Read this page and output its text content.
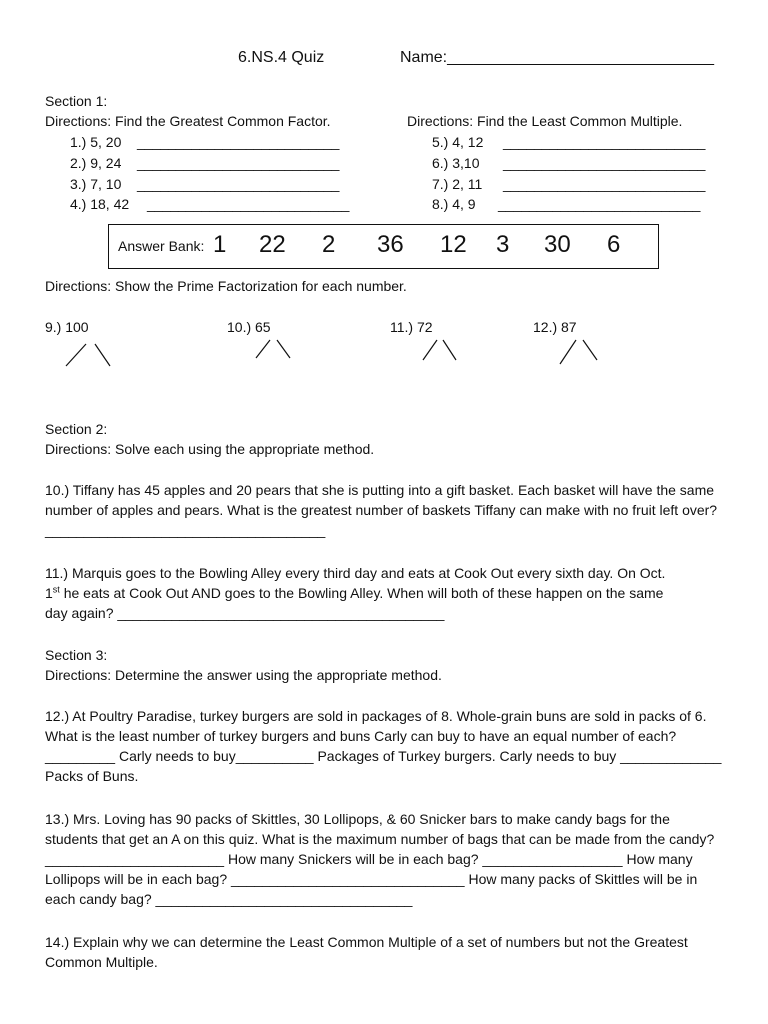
6.NS.4 Quiz	Name:______________________________
Section 1:
Directions: Find the Greatest Common Factor.	Directions: Find the Least Common Multiple.
1.) 5, 20 __________________________
2.) 9, 24 __________________________
3.) 7, 10 __________________________
4.) 18, 42 __________________________
5.) 4, 12 __________________________
6.) 3,10 __________________________
7.) 2, 11 __________________________
8.) 4, 9 __________________________
Answer Bank: 1 22 2 36 12 3 30 6
Directions: Show the Prime Factorization for each number.
9.) 100	10.) 65	11.) 72	12.) 87
Section 2:
Directions: Solve each using the appropriate method.
10.) Tiffany has 45 apples and 20 pears that she is putting into a gift basket. Each basket will have the same number of apples and pears. What is the greatest number of baskets Tiffany can make with no fruit left over? ____________________________________
11.) Marquis goes to the Bowling Alley every third day and eats at Cook Out every sixth day. On Oct.
1st he eats at Cook Out AND goes to the Bowling Alley. When will both of these happen on the same
day again? __________________________________________
Section 3:
Directions: Determine the answer using the appropriate method.
12.) At Poultry Paradise, turkey burgers are sold in packages of 8. Whole-grain buns are sold in packs of 6. What is the least number of turkey burgers and buns Carly can buy to have an equal number of each?_________ Carly needs to buy__________ Packages of Turkey burgers. Carly needs to buy _____________ Packs of Buns.
13.) Mrs. Loving has 90 packs of Skittles, 30 Lollipops, & 60 Snicker bars to make candy bags for the students that get an A on this quiz. What is the maximum number of bags that can be made from the candy? _______________________ How many Snickers will be in each bag? __________________ How many Lollipops will be in each bag? ______________________________ How many packs of Skittles will be in each candy bag? _________________________________
14.) Explain why we can determine the Least Common Multiple of a set of numbers but not the Greatest Common Multiple.
